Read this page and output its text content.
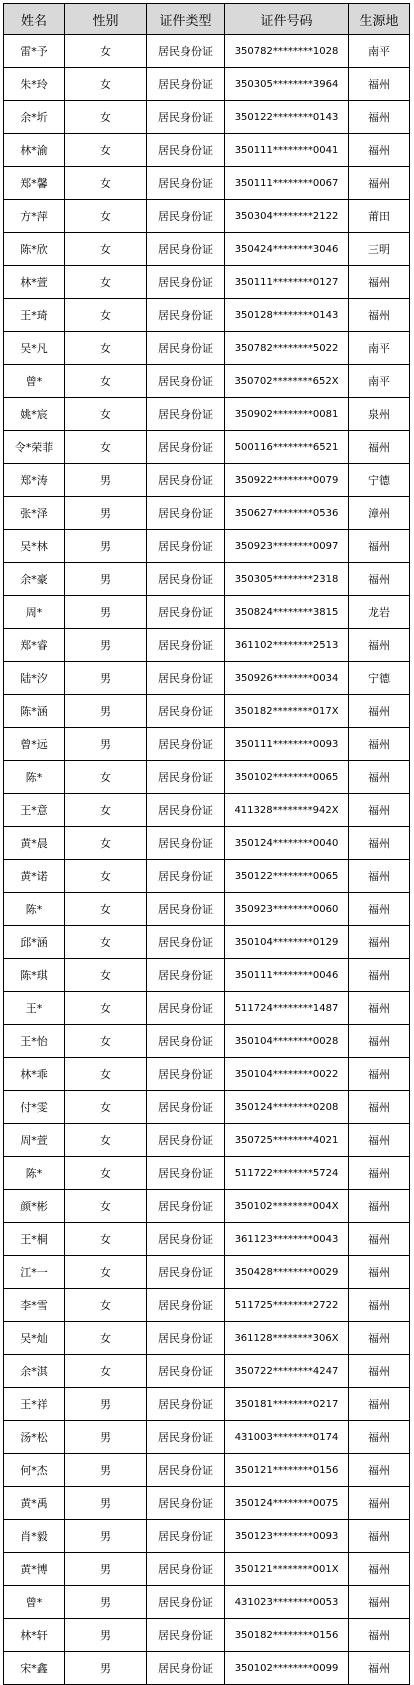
姓名	性别	证件类型	证件号码	生源地
雷*予	女	居民身份证	350782********1028	南平
朱*玲	女	居民身份证	350305********3964	福州
余*圻	女	居民身份证	350122********0143	福州
林*渝	女	居民身份证	350111********0041	福州
郑*馨	女	居民身份证	350111********0067	福州
方*萍	女	居民身份证	350304********2122	莆田
陈*欣	女	居民身份证	350424********3046	三明
林*萱	女	居民身份证	350111********0127	福州
王*琦	女	居民身份证	350128********0143	福州
吴*凡	女	居民身份证	350782********5022	南平
曾*	女	居民身份证	350702********652X	南平
姚*宸	女	居民身份证	350902********0081	泉州
令*荣菲	女	居民身份证	500116********6521	福州
郑*涛	男	居民身份证	350922********0079	宁德
张*泽	男	居民身份证	350627********0536	漳州
吴*林	男	居民身份证	350923********0097	福州
余*豪	男	居民身份证	350305********2318	福州
周*	男	居民身份证	350824********3815	龙岩
郑*睿	男	居民身份证	361102********2513	福州
陆*汐	男	居民身份证	350926********0034	宁德
陈*涵	男	居民身份证	350182********017X	福州
曾*远	男	居民身份证	350111********0093	福州
陈*	女	居民身份证	350102********0065	福州
王*意	女	居民身份证	411328********942X	福州
黄*晨	女	居民身份证	350124********0040	福州
黄*诺	女	居民身份证	350122********0065	福州
陈*	女	居民身份证	350923********0060	福州
邱*涵	女	居民身份证	350104********0129	福州
陈*琪	女	居民身份证	350111********0046	福州
王*	女	居民身份证	511724********1487	福州
王*怡	女	居民身份证	350104********0028	福州
林*乖	女	居民身份证	350104********0022	福州
付*雯	女	居民身份证	350124********0208	福州
周*萱	女	居民身份证	350725********4021	福州
陈*	女	居民身份证	511722********5724	福州
颜*彬	女	居民身份证	350102********004X	福州
王*桐	女	居民身份证	361123********0043	福州
江*一	女	居民身份证	350428********0029	福州
李*雪	女	居民身份证	511725********2722	福州
吴*灿	女	居民身份证	361128********306X	福州
余*淇	女	居民身份证	350722********4247	福州
王*祥	男	居民身份证	350181********0217	福州
汤*松	男	居民身份证	431003********0174	福州
何*杰	男	居民身份证	350121********0156	福州
黄*禹	男	居民身份证	350124********0075	福州
肖*毅	男	居民身份证	350123********0093	福州
黄*博	男	居民身份证	350121********001X	福州
曾*	男	居民身份证	431023********0053	福州
林*轩	男	居民身份证	350182********0156	福州
宋*鑫	男	居民身份证	350102********0099	福州
